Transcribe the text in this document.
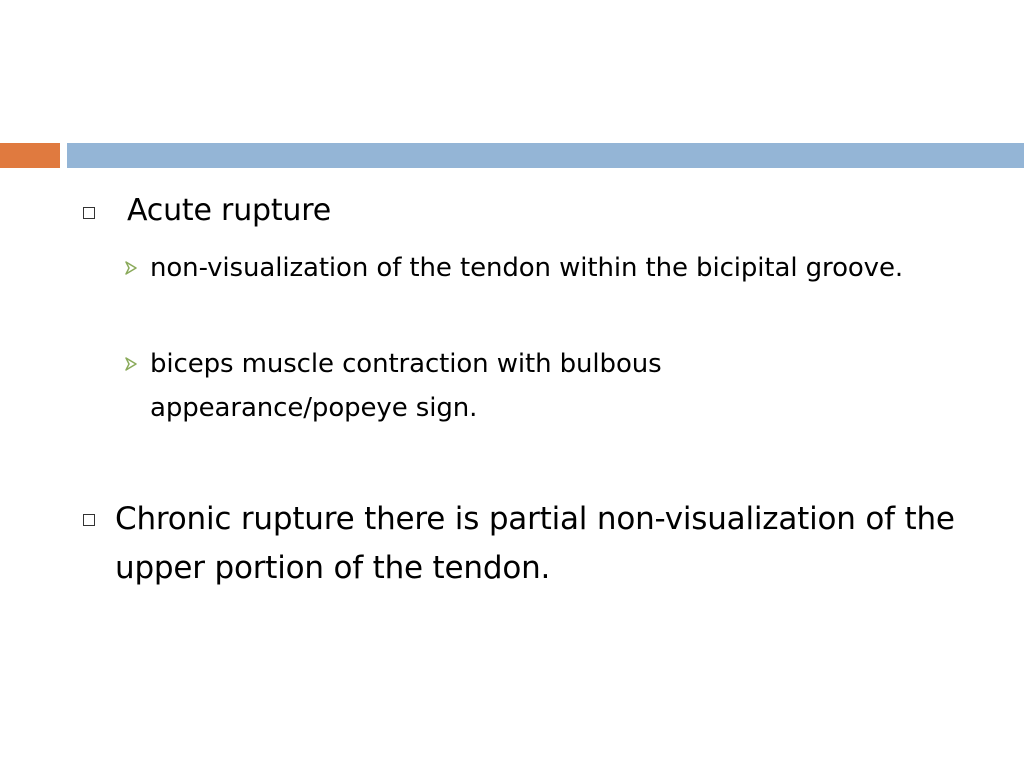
Acute rupture
non-visualization of the tendon within the bicipital groove.
biceps muscle contraction with bulbous appearance/popeye sign.
Chronic rupture there is partial non-visualization of the upper portion of the tendon.
